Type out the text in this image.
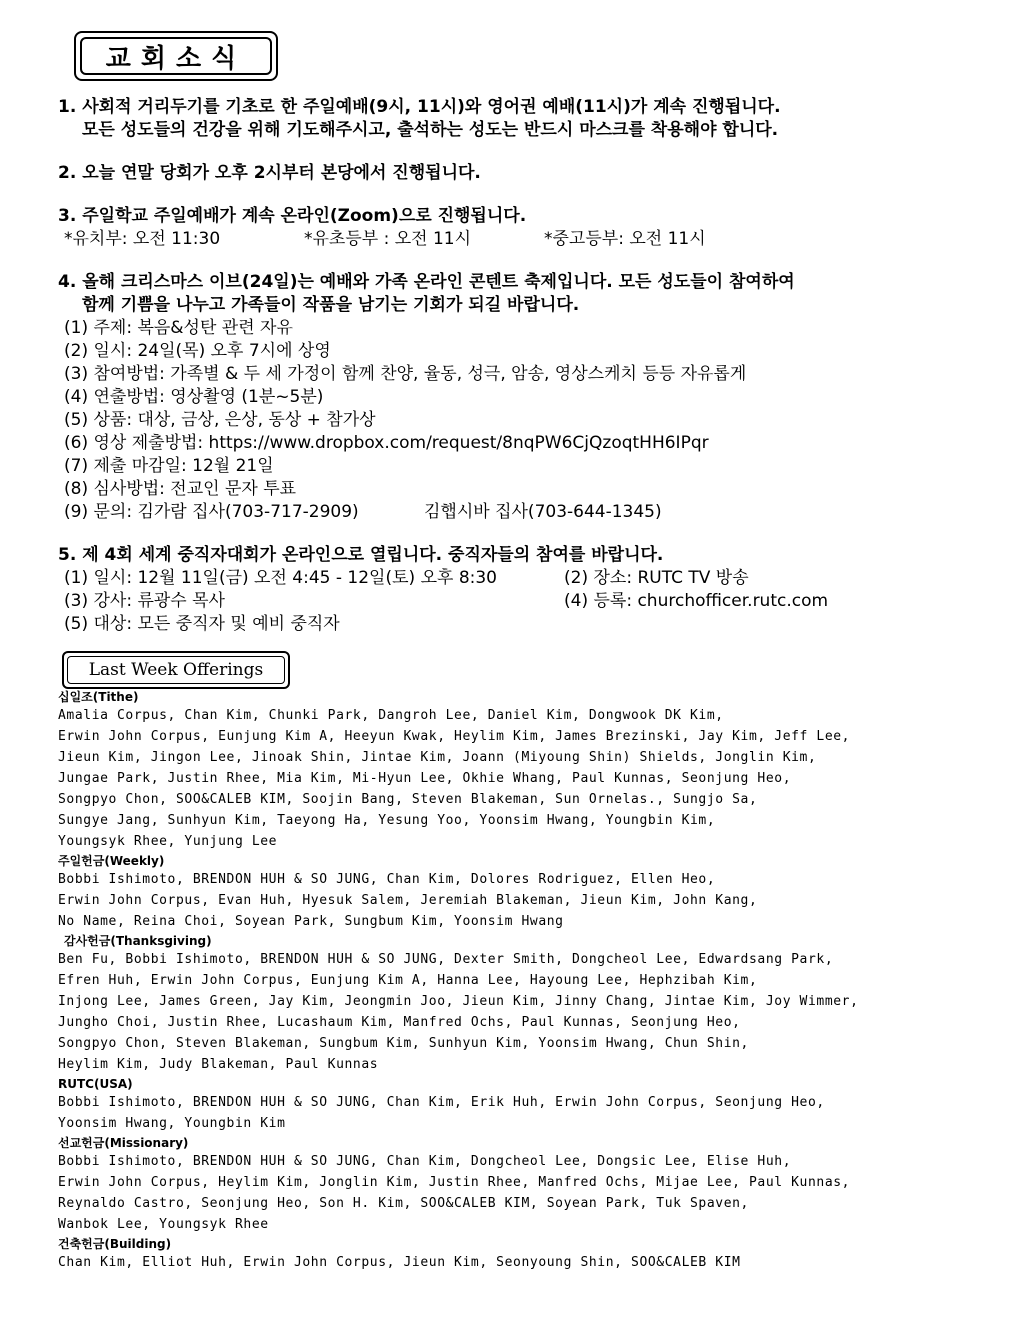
교회소식
1. 사회적 거리두기를 기초로 한 주일예배(9시, 11시)와 영어권 예배(11시)가 계속 진행됩니다.
모든 성도들의 건강을 위해 기도해주시고, 출석하는 성도는 반드시 마스크를 착용해야 합니다.
2. 오늘 연말 당회가 오후 2시부터 본당에서 진행됩니다.
3. 주일학교 주일예배가 계속 온라인(Zoom)으로 진행됩니다.
*유치부: 오전 11:30	*유초등부 : 오전 11시	*중고등부: 오전 11시
4. 올해 크리스마스 이브(24일)는 예배와 가족 온라인 콘텐트 축제입니다. 모든 성도들이 참여하여
함께 기쁨을 나누고 가족들이 작품을 남기는 기회가 되길 바랍니다.
(1) 주제: 복음&성탄 관련 자유
(2) 일시: 24일(목) 오후 7시에 상영
(3) 참여방법: 가족별 & 두 세 가정이 함께 찬양, 율동, 성극, 암송, 영상스케치 등등 자유롭게
(4) 연출방법: 영상촬영 (1분~5분)
(5) 상품: 대상, 금상, 은상, 동상 + 참가상
(6) 영상 제출방법: https://www.dropbox.com/request/8nqPW6CjQzoqtHH6IPqr
(7) 제출 마감일: 12월 21일
(8) 심사방법: 전교인 문자 투표
(9) 문의: 김가람 집사(703-717-2909)	김햅시바 집사(703-644-1345)
5. 제 4회 세계 중직자대회가 온라인으로 열립니다. 중직자들의 참여를 바랍니다.
(1) 일시: 12월 11일(금) 오전 4:45 - 12일(토) 오후 8:30	(2) 장소: RUTC TV 방송
(3) 강사: 류광수 목사	(4) 등록: churchofficer.rutc.com
(5) 대상: 모든 중직자 및 예비 중직자
Last Week Offerings
십일조(Tithe)
Amalia Corpus, Chan Kim, Chunki Park, Dangroh Lee, Daniel Kim, Dongwook DK Kim,
Erwin John Corpus, Eunjung Kim A, Heeyun Kwak, Heylim Kim, James Brezinski, Jay Kim, Jeff Lee,
Jieun Kim, Jingon Lee, Jinoak Shin, Jintae Kim, Joann (Miyoung Shin) Shields, Jonglin Kim,
Jungae Park, Justin Rhee, Mia Kim, Mi-Hyun Lee, Okhie Whang, Paul Kunnas, Seonjung Heo,
Songpyo Chon, SOO&CALEB KIM, Soojin Bang, Steven Blakeman, Sun Ornelas., Sungjo Sa,
Sungye Jang, Sunhyun Kim, Taeyong Ha, Yesung Yoo, Yoonsim Hwang, Youngbin Kim,
Youngsyk Rhee, Yunjung Lee
주일헌금(Weekly)
Bobbi Ishimoto, BRENDON HUH & SO JUNG, Chan Kim, Dolores Rodriguez, Ellen Heo,
Erwin John Corpus, Evan Huh, Hyesuk Salem, Jeremiah Blakeman, Jieun Kim, John Kang,
No Name, Reina Choi, Soyean Park, Sungbum Kim, Yoonsim Hwang
감사헌금(Thanksgiving)
Ben Fu, Bobbi Ishimoto, BRENDON HUH & SO JUNG, Dexter Smith, Dongcheol Lee, Edwardsang Park,
Efren Huh, Erwin John Corpus, Eunjung Kim A, Hanna Lee, Hayoung Lee, Hephzibah Kim,
Injong Lee, James Green, Jay Kim, Jeongmin Joo, Jieun Kim, Jinny Chang, Jintae Kim, Joy Wimmer,
Jungho Choi, Justin Rhee, Lucashaum Kim, Manfred Ochs, Paul Kunnas, Seonjung Heo,
Songpyo Chon, Steven Blakeman, Sungbum Kim, Sunhyun Kim, Yoonsim Hwang, Chun Shin,
Heylim Kim, Judy Blakeman, Paul Kunnas
RUTC(USA)
Bobbi Ishimoto, BRENDON HUH & SO JUNG, Chan Kim, Erik Huh, Erwin John Corpus, Seonjung Heo,
Yoonsim Hwang, Youngbin Kim
선교헌금(Missionary)
Bobbi Ishimoto, BRENDON HUH & SO JUNG, Chan Kim, Dongcheol Lee, Dongsic Lee, Elise Huh,
Erwin John Corpus, Heylim Kim, Jonglin Kim, Justin Rhee, Manfred Ochs, Mijae Lee, Paul Kunnas,
Reynaldo Castro, Seonjung Heo, Son H. Kim, SOO&CALEB KIM, Soyean Park, Tuk Spaven,
Wanbok Lee, Youngsyk Rhee
건축헌금(Building)
Chan Kim, Elliot Huh, Erwin John Corpus, Jieun Kim, Seonyoung Shin, SOO&CALEB KIM
